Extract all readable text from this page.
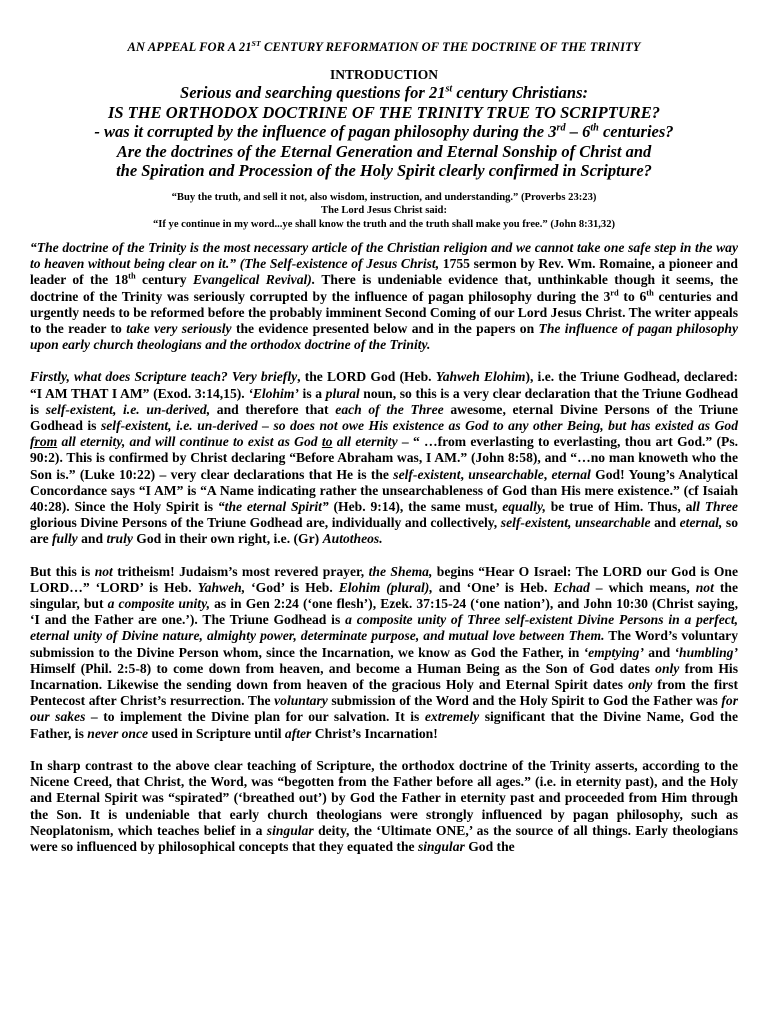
AN APPEAL FOR A 21ST CENTURY REFORMATION OF THE DOCTRINE OF THE TRINITY

INTRODUCTION

Serious and searching questions for 21st century Christians:

IS THE ORTHODOX DOCTRINE OF THE TRINITY TRUE TO SCRIPTURE?

- was it corrupted by the influence of pagan philosophy during the 3rd – 6th centuries?

Are the doctrines of the Eternal Generation and Eternal Sonship of Christ and

the Spiration and Procession of the Holy Spirit clearly confirmed in Scripture?

“Buy the truth, and sell it not, also wisdom, instruction, and understanding.” (Proverbs 23:23)

The Lord Jesus Christ said:

“If ye continue in my word...ye shall know the truth and the truth shall make you free.” (John 8:31,32)

“The doctrine of the Trinity is the most necessary article of the Christian religion and we cannot take one safe step in the way to heaven without being clear on it.” (The Self-existence of Jesus Christ, 1755 sermon by Rev. Wm. Romaine, a pioneer and leader of the 18th century Evangelical Revival). There is undeniable evidence that, unthinkable though it seems, the doctrine of the Trinity was seriously corrupted by the influence of pagan philosophy during the 3rd to 6th centuries and urgently needs to be reformed before the probably imminent Second Coming of our Lord Jesus Christ. The writer appeals to the reader to take very seriously the evidence presented below and in the papers on The influence of pagan philosophy upon early church theologians and the orthodox doctrine of the Trinity.

Firstly, what does Scripture teach? Very briefly, the LORD God (Heb. Yahweh Elohim), i.e. the Triune Godhead, declared: “I AM THAT I AM” (Exod. 3:14,15). ‘Elohim’ is a plural noun, so this is a very clear declaration that the Triune Godhead is self-existent, i.e. un-derived, and therefore that each of the Three awesome, eternal Divine Persons of the Triune Godhead is self-existent, i.e. un-derived – so does not owe His existence as God to any other Being, but has existed as God from all eternity, and will continue to exist as God to all eternity – “ …from everlasting to everlasting, thou art God.” (Ps. 90:2). This is confirmed by Christ declaring “Before Abraham was, I AM.” (John 8:58), and “…no man knoweth who the Son is.” (Luke 10:22) – very clear declarations that He is the self-existent, unsearchable, eternal God! Young’s Analytical Concordance says “I AM” is “A Name indicating rather the unsearchableness of God than His mere existence.” (cf Isaiah 40:28). Since the Holy Spirit is “the eternal Spirit” (Heb. 9:14), the same must, equally, be true of Him. Thus, all Three glorious Divine Persons of the Triune Godhead are, individually and collectively, self-existent, unsearchable and eternal, so are fully and truly God in their own right, i.e. (Gr) Autotheos.

But this is not tritheism! Judaism’s most revered prayer, the Shema, begins “Hear O Israel: The LORD our God is One LORD…” ‘LORD’ is Heb. Yahweh, ‘God’ is Heb. Elohim (plural), and ‘One’ is Heb. Echad – which means, not the singular, but a composite unity, as in Gen 2:24 (‘one flesh’), Ezek. 37:15-24 (‘one nation’), and John 10:30 (Christ saying, ‘I and the Father are one.’). The Triune Godhead is a composite unity of Three self-existent Divine Persons in a perfect, eternal unity of Divine nature, almighty power, determinate purpose, and mutual love between Them. The Word’s voluntary submission to the Divine Person whom, since the Incarnation, we know as God the Father, in ‘emptying’ and ‘humbling’ Himself (Phil. 2:5-8) to come down from heaven, and become a Human Being as the Son of God dates only from His Incarnation. Likewise the sending down from heaven of the gracious Holy and Eternal Spirit dates only from the first Pentecost after Christ’s resurrection. The voluntary submission of the Word and the Holy Spirit to God the Father was for our sakes – to implement the Divine plan for our salvation. It is extremely significant that the Divine Name, God the Father, is never once used in Scripture until after Christ’s Incarnation!

In sharp contrast to the above clear teaching of Scripture, the orthodox doctrine of the Trinity asserts, according to the Nicene Creed, that Christ, the Word, was “begotten from the Father before all ages.” (i.e. in eternity past), and the Holy and Eternal Spirit was “spirated” (‘breathed out’) by God the Father in eternity past and proceeded from Him through the Son. It is undeniable that early church theologians were strongly influenced by pagan philosophy, such as Neoplatonism, which teaches belief in a singular deity, the ‘Ultimate ONE,’ as the source of all things. Early theologians were so influenced by philosophical concepts that they equated the singular God the
